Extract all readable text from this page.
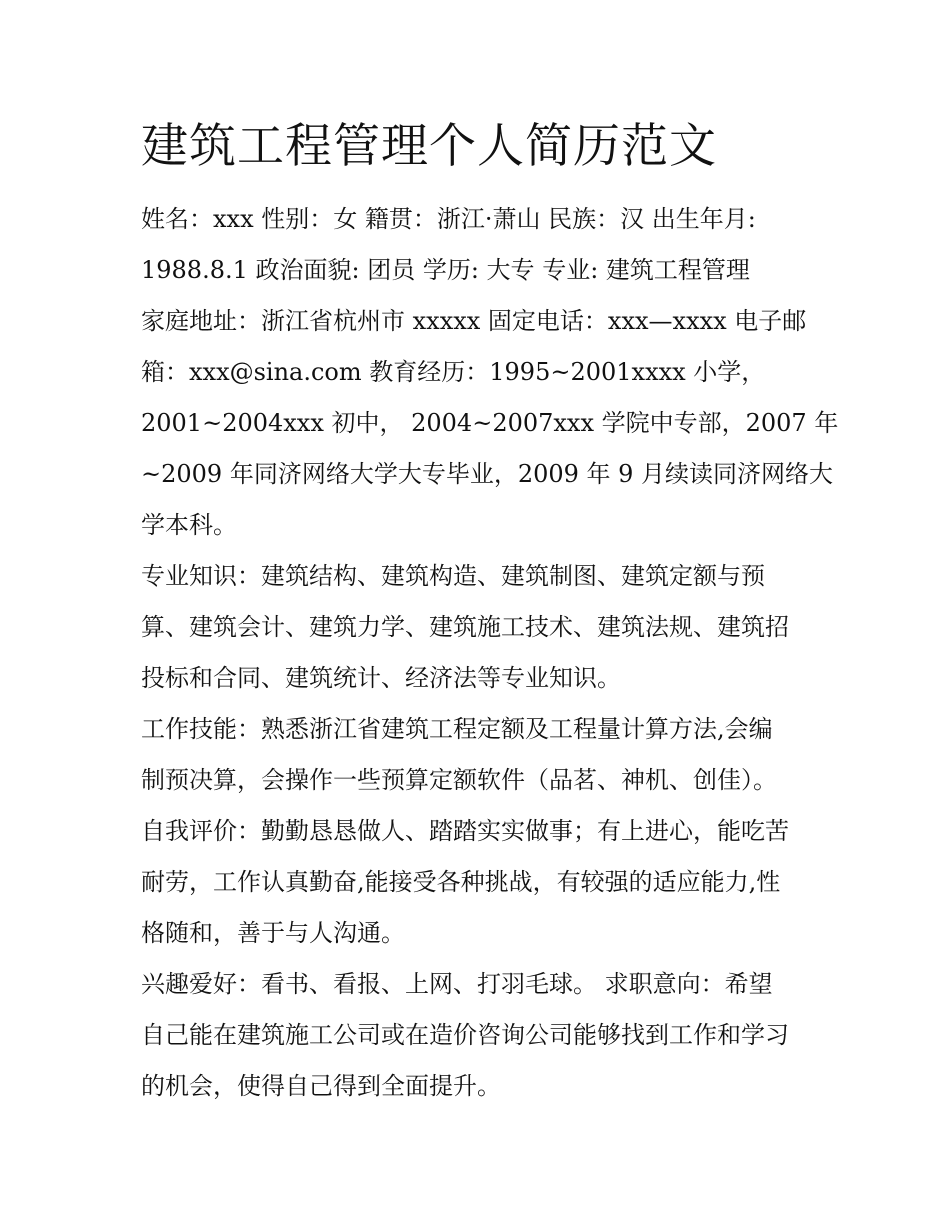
建筑工程管理个人简历范文

姓名：xxx 性别：女 籍贯：浙江·萧山 民族：汉 出生年月:
1988.8.1 政治面貌: 团员 学历: 大专 专业: 建筑工程管理

家庭地址：浙江省杭州市 xxxxx 固定电话：xxx—xxxx 电子邮
箱：xxx@sina.com 教育经历：1995~2001xxxx 小学，
2001~2004xxx 初中， 2004~2007xxx 学院中专部，2007 年
~2009 年同济网络大学大专毕业，2009 年 9 月续读同济网络大
学本科。

专业知识：建筑结构、建筑构造、建筑制图、建筑定额与预
算、建筑会计、建筑力学、建筑施工技术、建筑法规、建筑招
投标和合同、建筑统计、经济法等专业知识。

工作技能：熟悉浙江省建筑工程定额及工程量计算方法,会编
制预决算，会操作一些预算定额软件（品茗、神机、创佳）。

自我评价：勤勤恳恳做人、踏踏实实做事；有上进心，能吃苦
耐劳，工作认真勤奋,能接受各种挑战，有较强的适应能力,性
格随和，善于与人沟通。

兴趣爱好：看书、看报、上网、打羽毛球。 求职意向：希望
自己能在建筑施工公司或在造价咨询公司能够找到工作和学习
的机会，使得自己得到全面提升。
